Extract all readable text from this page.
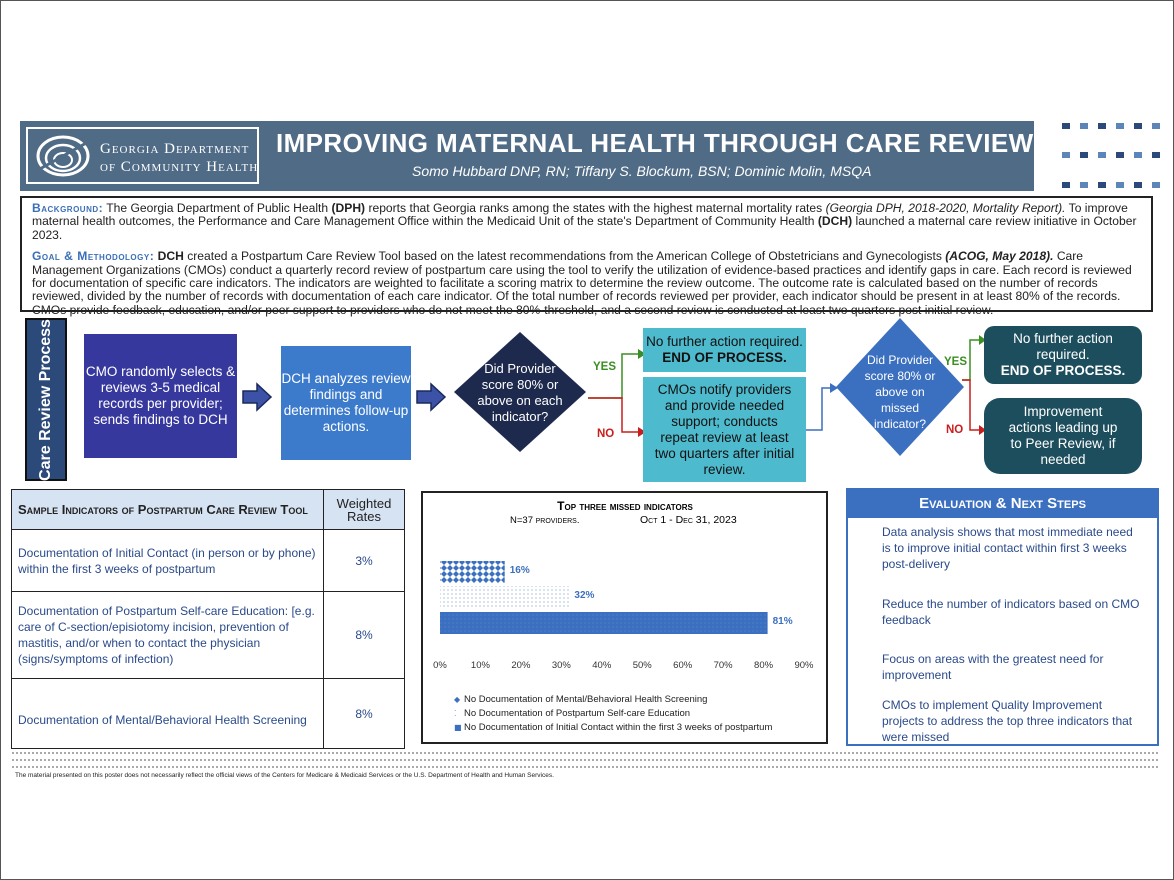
Georgia Department
of Community Health
IMPROVING MATERNAL HEALTH THROUGH CARE REVIEW
Somo Hubbard DNP, RN; Tiffany S. Blockum, BSN; Dominic Molin, MSQA

Background: The Georgia Department of Public Health (DPH) reports that Georgia ranks among the states with the highest maternal mortality rates (Georgia DPH, 2018-2020, Mortality Report). To improve maternal health outcomes, the Performance and Care Management Office within the Medicaid Unit of the state's Department of Community Health (DCH) launched a maternal care review initiative in October 2023.

Goal & Methodology: DCH created a Postpartum Care Review Tool based on the latest recommendations from the American College of Obstetricians and Gynecologists (ACOG, May 2018). Care Management Organizations (CMOs) conduct a quarterly record review of postpartum care using the tool to verify the utilization of evidence-based practices and identify gaps in care. Each record is reviewed for documentation of specific care indicators. The indicators are weighted to facilitate a scoring matrix to determine the review outcome. The outcome rate is calculated based on the number of records reviewed, divided by the number of records with documentation of each care indicator. Of the total number of records reviewed per provider, each indicator should be present in at least 80% of the records. CMOs provide feedback, education, and/or peer support to providers who do not meet the 80%-threshold, and a second review is conducted at least two quarters post initial review.

Care Review Process CMO randomly selects & reviews 3-5 medical records per provider; sends findings to DCH
DCH analyzes review findings and determines follow-up actions.
Did Provider score 80% or above on each indicator?
YES
NO
No further action required.
END OF PROCESS.
CMOs notify providers and provide needed support; conducts repeat review at least two quarters after initial review.
Did Provider score 80% or above on missed indicator?
YES
NO
No further action required.
END OF PROCESS.
Improvement actions leading up to Peer Review, if needed
Sample Indicators of Postpartum Care Review Tool	Weighted Rates
Documentation of Initial Contact (in person or by phone) within the first 3 weeks of postpartum	3%
Documentation of Postpartum Self-care Education: [e.g. care of C-section/episiotomy incision, prevention of mastitis, and/or when to contact the physician (signs/symptoms of infection)	8%
Documentation of Mental/Behavioral Health Screening	8%
Top three missed indicators
N=37 providers.	Oct 1 - Dec 31, 2023
16%
32%
81%
0%	10% 20% 30% 40% 50% 60% 70% 80% 90%
◆ No Documentation of Mental/Behavioral Health Screening
⁚ No Documentation of Postpartum Self-care Education
■ No Documentation of Initial Contact within the first 3 weeks of postpartum
Evaluation & Next Steps
Data analysis shows that most immediate need is to improve initial contact within first 3 weeks post-delivery
Reduce the number of indicators based on CMO feedback
Focus on areas with the greatest need for improvement
CMOs to implement Quality Improvement projects to address the top three indicators that were missed
The material presented on this poster does not necessarily reflect the official views of the Centers for Medicare & Medicaid Services or the U.S. Department of Health and Human Services.
